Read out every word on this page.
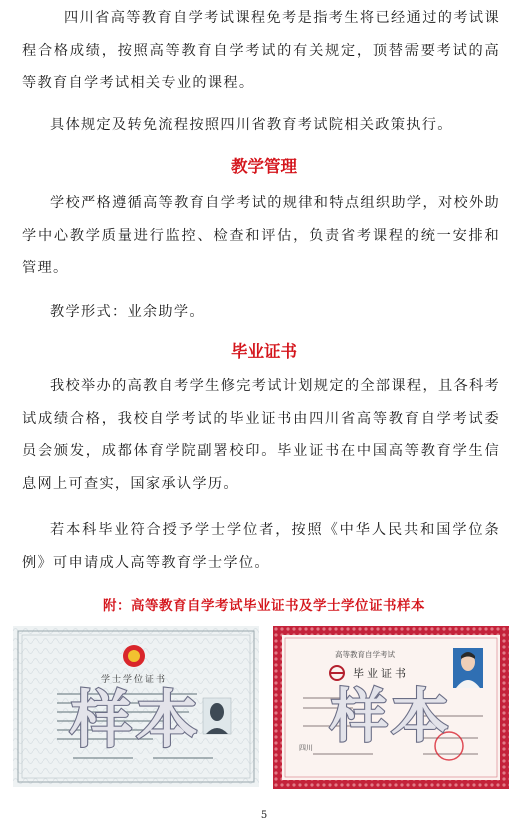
四川省高等教育自学考试课程免考是指考生将已经通过的考试课程合格成绩，按照高等教育自学考试的有关规定，顶替需要考试的高等教育自学考试相关专业的课程。

具体规定及转免流程按照四川省教育考试院相关政策执行。

教学管理

学校严格遵循高等教育自学考试的规律和特点组织助学，对校外助学中心教学质量进行监控、检查和评估，负责省考课程的统一安排和管理。

教学形式：业余助学。

毕业证书

我校举办的高教自考学生修完考试计划规定的全部课程，且各科考试成绩合格，我校自学考试的毕业证书由四川省高等教育自学考试委员会颁发，成都体育学院副署校印。毕业证书在中国高等教育学生信息网上可查实，国家承认学历。

若本科毕业符合授予学士学位者，按照《中华人民共和国学位条例》可申请成人高等教育学士学位。

附：高等教育自学考试毕业证书及学士学位证书样本
学士学位证书
样本
高等教育自学考试
毕业证书
四川 样本
5
